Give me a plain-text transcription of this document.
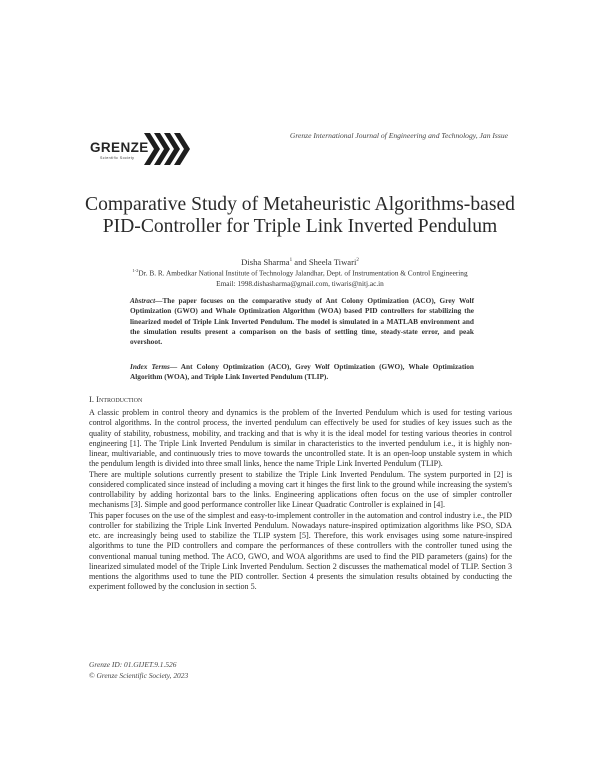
Grenze International Journal of Engineering and Technology, Jan Issue
GRENZE
Scientific Society
Comparative Study of Metaheuristic Algorithms-based
PID-Controller for Triple Link Inverted Pendulum
Disha Sharma$^1$ and Sheela Tiwari$^2$
$^{1-2}$Dr. B. R. Ambedkar National Institute of Technology Jalandhar, Dept. of Instrumentation & Control Engineering
Email: 1998.dishasharma@gmail.com, tiwaris@nitj.ac.in
Abstract—The paper focuses on the comparative study of Ant Colony Optimization (ACO), Grey Wolf Optimization (GWO) and Whale Optimization Algorithm (WOA) based PID controllers for stabilizing the linearized model of Triple Link Inverted Pendulum. The model is simulated in a MATLAB environment and the simulation results present a comparison on the basis of settling time, steady-state error, and peak overshoot.
Index Terms— Ant Colony Optimization (ACO), Grey Wolf Optimization (GWO), Whale Optimization Algorithm (WOA), and Triple Link Inverted Pendulum (TLIP).
I. Introduction

A classic problem in control theory and dynamics is the problem of the Inverted Pendulum which is used for testing various control algorithms. In the control process, the inverted pendulum can effectively be used for studies of key issues such as the quality of stability, robustness, mobility, and tracking and that is why it is the ideal model for testing various theories in control engineering [1]. The Triple Link Inverted Pendulum is similar in characteristics to the inverted pendulum i.e., it is highly non-linear, multivariable, and continuously tries to move towards the uncontrolled state. It is an open-loop unstable system in which the pendulum length is divided into three small links, hence the name Triple Link Inverted Pendulum (TLIP).

There are multiple solutions currently present to stabilize the Triple Link Inverted Pendulum. The system purported in [2] is considered complicated since instead of including a moving cart it hinges the first link to the ground while increasing the system's controllability by adding horizontal bars to the links. Engineering applications often focus on the use of simpler controller mechanisms [3]. Simple and good performance controller like Linear Quadratic Controller is explained in [4].

This paper focuses on the use of the simplest and easy-to-implement controller in the automation and control industry i.e., the PID controller for stabilizing the Triple Link Inverted Pendulum. Nowadays nature-inspired optimization algorithms like PSO, SDA etc. are increasingly being used to stabilize the TLIP system [5]. Therefore, this work envisages using some nature-inspired algorithms to tune the PID controllers and compare the performances of these controllers with the controller tuned using the conventional manual tuning method. The ACO, GWO, and WOA algorithms are used to find the PID parameters (gains) for the linearized simulated model of the Triple Link Inverted Pendulum. Section 2 discusses the mathematical model of TLIP. Section 3 mentions the algorithms used to tune the PID controller. Section 4 presents the simulation results obtained by conducting the experiment followed by the conclusion in section 5.

Grenze ID: 01.GIJET.9.1.526
© Grenze Scientific Society, 2023
